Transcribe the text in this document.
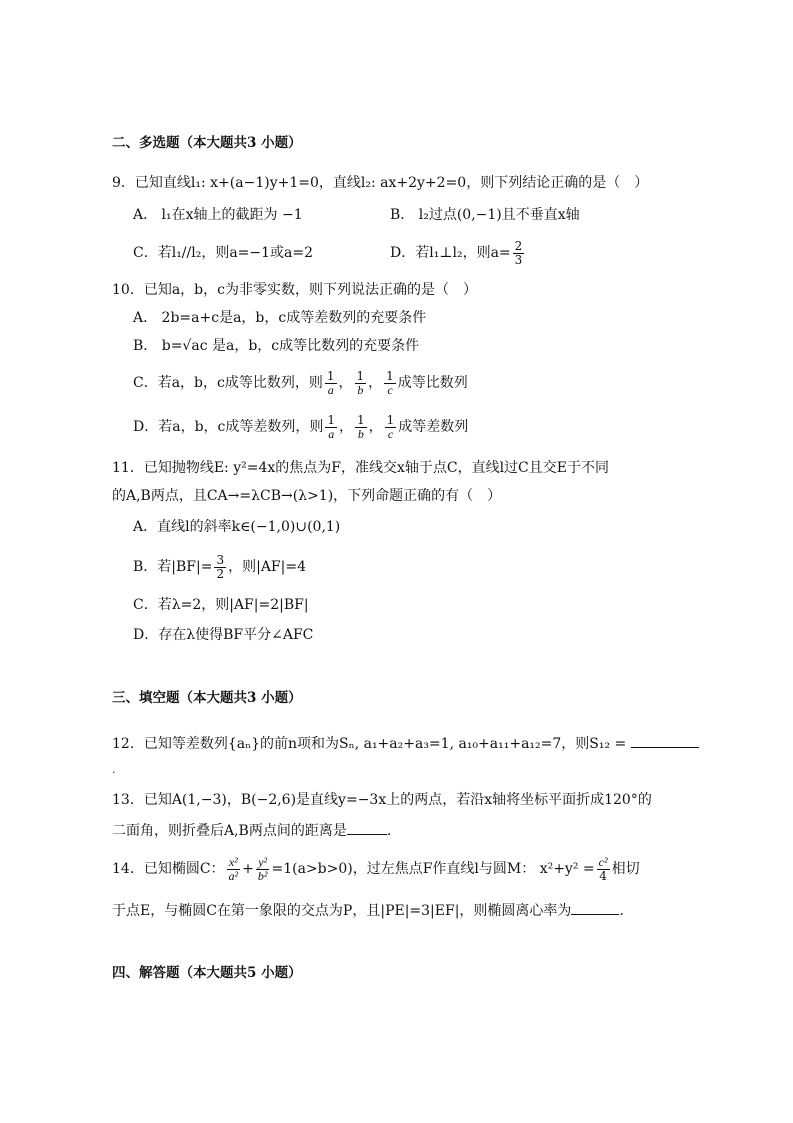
二、多选题（本大题共3 小题）
9．已知直线l₁: x+(a−1)y+1=0，直线l₂: ax+2y+2=0，则下列结论正确的是（　）
A． l₁在x轴上的截距为 −1	B． l₂过点(0,−1)且不垂直x轴
C．若l₁//l₂，则a=−1或a=2	D．若l₁⊥l₂，则$a= \frac{2}{3}$
10．已知a，b，c为非零实数，则下列说法正确的是（　）
A． 2b=a+c是a，b，c成等差数列的充要条件
B． b=√ac 是a，b，c成等比数列的充要条件
C．若a，b，c成等比数列，则 $\frac{1}{a}$ ， $\frac{1}{b}$ ， $\frac{1}{c}$ 成等比数列
D．若a，b，c成等差数列，则 $\frac{1}{a}$ ， $\frac{1}{b}$ ， $\frac{1}{c}$ 成等差数列
11．已知抛物线E: y²=4x的焦点为F，准线交x轴于点C，直线l过C且交E于不同
的A,B两点，且CA→=λCB→(λ>1)，下列命题正确的有（　）
A．直线l的斜率k∈(−1,0)∪(0,1)
B．若$|BF|= \frac{3}{2}$ ，则|AF|=4
C．若λ=2，则|AF|=2|BF|
D．存在λ使得BF平分∠AFC
三、填空题（本大题共3 小题）
12．已知等差数列{aₙ}的前n项和为Sₙ, a₁+a₂+a₃=1, a₁₀+a₁₁+a₁₂=7，则S₁₂ =
.
13．已知A(1,−3)，B(−2,6)是直线y=−3x上的两点，若沿x轴将坐标平面折成120°的
二面角，则折叠后A,B两点间的距离是	.
14．已知椭圆C： $\frac{\text{x²}}{\text{a²}} + \frac{\text{y²}}{\text{b²}} =1(a>b>0)$，过左焦点F作直线l与圆M： $x^2+y^2 = \frac{\text{c²}}{4}$ 相切
于点E，与椭圆C在第一象限的交点为P，且|PE|=3|EF|，则椭圆离心率为	.
四、解答题（本大题共5 小题）
